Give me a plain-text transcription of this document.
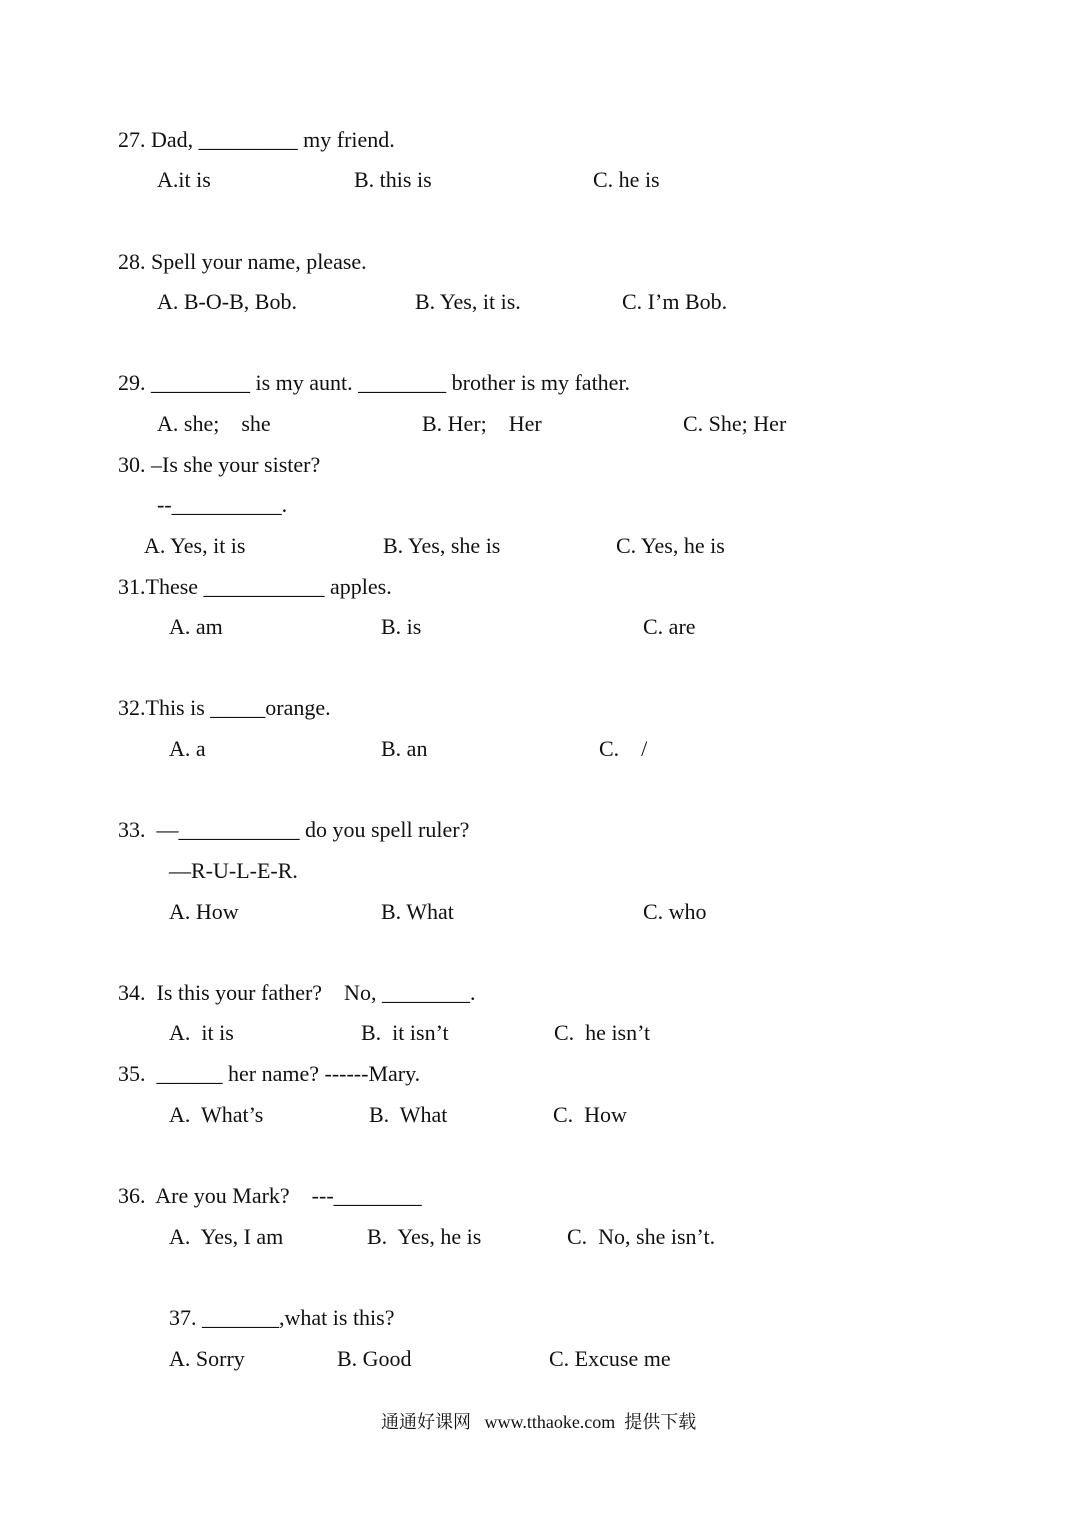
27. Dad, _________ my friend.
A.it is	B. this is	C. he is
28. Spell your name, please.
A. B-O-B, Bob.	B. Yes, it is.	C. I’m Bob.
29. _________ is my aunt. ________ brother is my father.
A. she;    she	B. Her;    Her	C. She; Her
30. –Is she your sister?
--__________.
A. Yes, it is	B. Yes, she is	C. Yes, he is
31.These ___________ apples.
A. am	B. is	C. are
32.This is _____orange.
A. a	B. an	C.    /
33.  —___________ do you spell ruler?
—R-U-L-E-R.
A. How	B. What	C. who
34.  Is this your father?    No, ________.
A.  it is	B.  it isn’t	C.  he isn’t
35.  ______ her name? ------Mary.
A.  What’s	B.  What	C.  How
36.  Are you Mark?    ---________
A.  Yes, I am	B.  Yes, he is	C.  No, she isn’t.
37. _______,what is this?
A. Sorry	B. Good	C. Excuse me
通通好课网   www.tthaoke.com  提供下载
